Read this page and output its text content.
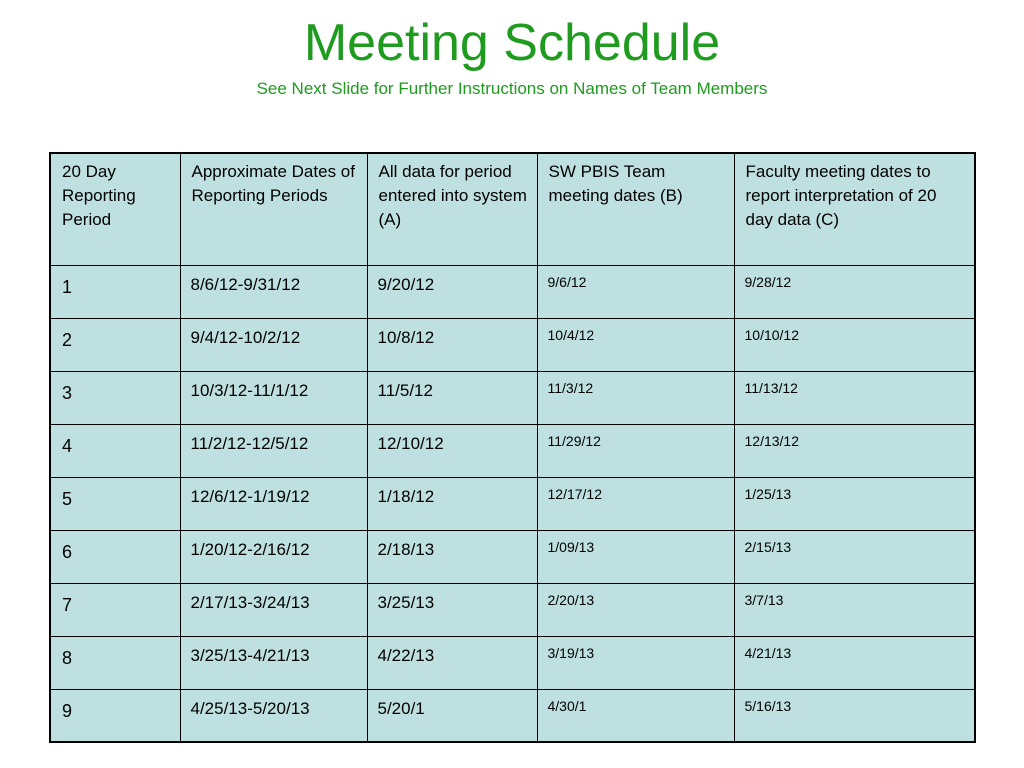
Meeting Schedule

See Next Slide for Further Instructions on Names of Team Members

20 Day Reporting Period	Approximate Dates of Reporting Periods	All data for period entered into system (A)	SW PBIS Team meeting dates (B)	Faculty meeting dates to report interpretation of 20 day data (C)
1	8/6/12-9/31/12	9/20/12	9/6/12	9/28/12
2	9/4/12-10/2/12	10/8/12	10/4/12	10/10/12
3	10/3/12-11/1/12	11/5/12	11/3/12	11/13/12
4	11/2/12-12/5/12	12/10/12	11/29/12	12/13/12
5	12/6/12-1/19/12	1/18/12	12/17/12	1/25/13
6	1/20/12-2/16/12	2/18/13	1/09/13	2/15/13
7	2/17/13-3/24/13	3/25/13	2/20/13	3/7/13
8	3/25/13-4/21/13	4/22/13	3/19/13	4/21/13
9	4/25/13-5/20/13	5/20/1	4/30/1	5/16/13
